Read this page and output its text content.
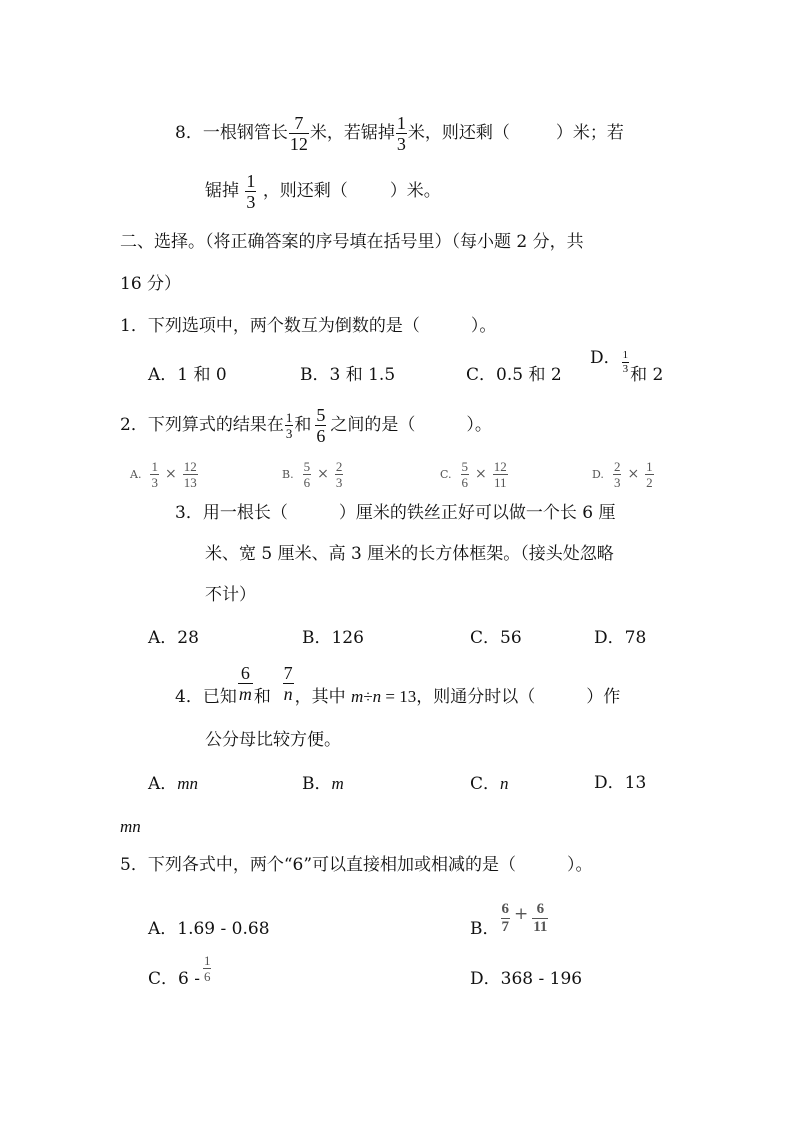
8．一根钢管长 $\frac{7}{12}$ 米，若锯掉 $\frac{1}{3}$ 米，则还剩（	）米；若
锯掉 $\frac{1}{3}$ ，则还剩（ ）米。
二、选择。（将正确答案的序号填在括号里）（每小题 2 分，共
16 分）
1．下列选项中，两个数互为倒数的是（　　　）。
A．1 和 0	B．3 和 1.5	C．0.5 和 2
D． $\frac{1}{3}$ 和 2
2．下列算式的结果在 $\frac{1}{3}$ 和 $\frac{5}{6}$ 之间的是（　　　）。
A. $\frac{1}{3} \times \frac{12}{13}$	B. $\frac{5}{6} \times \frac{2}{3}$	C. $\frac{5}{6} \times \frac{12}{11}$	D. $\frac{2}{3} \times \frac{1}{2}$
3．用一根长（　　　）厘米的铁丝正好可以做一个长 6 厘
米、宽 5 厘米、高 3 厘米的长方体框架。（接头处忽略
不计）
A．28	B．126	C．56	D．78
4．已知 $\frac{6}{m}$ 和 $\frac{7}{n}$ ，其中 m÷n = 13，则通分时以（　　　）作
公分母比较方便。
A．mn	B．m	C．n	D．13
mn
5．下列各式中，两个“6”可以直接相加或相减的是（　　　）。
A．1.69 - 0.68	B． $\frac{6}{7} + \frac{6}{11}$
C．$6 - \frac{1}{6}$	D．368 - 196
